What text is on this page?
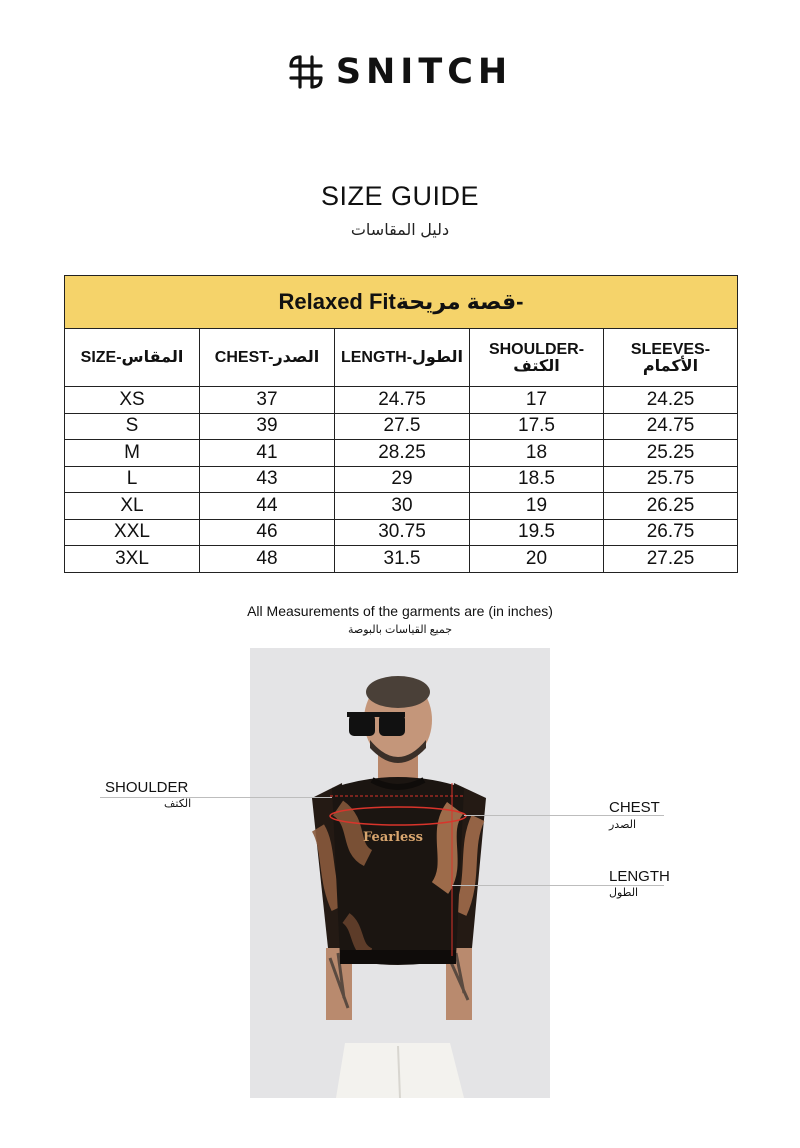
SNITCH
SIZE GUIDE
دليل المقاسات
Relaxed Fitقصة مريحة-				
SIZE-المقاس	CHEST-الصدر	LENGTH-الطول	SHOULDER-
الكتف	SLEEVES-
الأكمام
XS	37	24.75	17	24.25
S	39	27.5	17.5	24.75
M	41	28.25	18	25.25
L	43	29	18.5	25.75
XL	44	30	19	26.25
XXL	46	30.75	19.5	26.75
3XL	48	31.5	20	27.25
All Measurements of the garments are (in inches)
جميع القياسات بالبوصة
Fearless
SHOULDER
الكتف	CHEST
الصدر
LENGTH
الطول
